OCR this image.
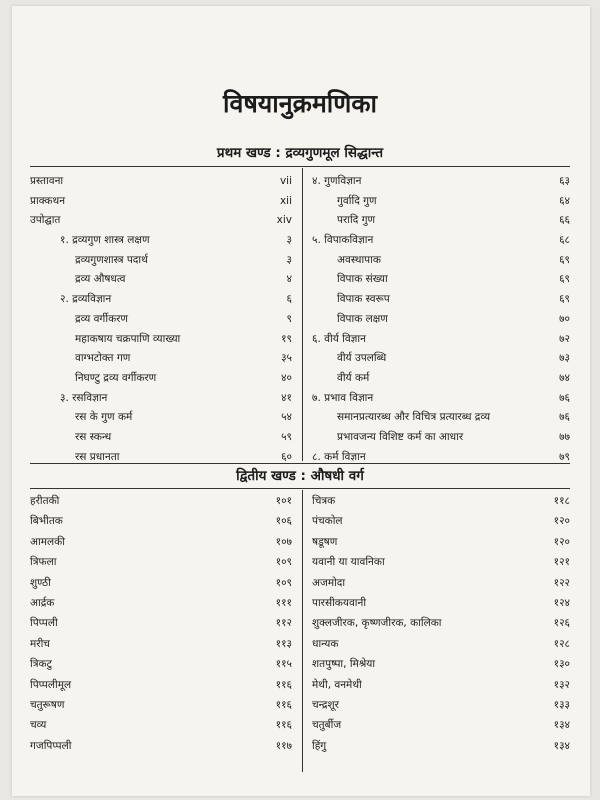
विषयानुक्रमणिका
प्रथम खण्ड : द्रव्यगुणमूल सिद्धान्त
प्रस्तावना	vii
प्राक्कथन	xii
उपोद्घात	xiv
१. द्रव्यगुण शास्त्र लक्षण	३
द्रव्यगुणशास्त्र पदार्थ	३
द्रव्य औषधत्व	४
२. द्रव्यविज्ञान	६
द्रव्य वर्गीकरण	९
महाकषाय चक्रपाणि व्याख्या	१९
वाग्भटोक्त गण	३५
निघण्टु द्रव्य वर्गीकरण	४०
३. रसविज्ञान	४१
रस के गुण कर्म	५४
रस स्कन्ध	५९
रस प्रधानता	६०
४. गुणविज्ञान	६३
गुर्वादि गुण	६४
परादि गुण	६६
५. विपाकविज्ञान	६८
अवस्थापाक	६९
विपाक संख्या	६९
विपाक स्वरूप	६९
विपाक लक्षण	७०
६. वीर्य विज्ञान	७२
वीर्य उपलब्धि	७३
वीर्य कर्म	७४
७. प्रभाव विज्ञान	७६
समानप्रत्यारब्ध और विचित्र प्रत्यारब्ध द्रव्य	७६
प्रभावजन्य विशिष्ट कर्म का आधार	७७
८. कर्म विज्ञान	७९
द्वितीय खण्ड : औषधी वर्ग
हरीतकी	१०१
बिभीतक	१०६
आमलकी	१०७
त्रिफला	१०९
शुण्ठी	१०९
आर्द्रक	१११
पिप्पली	११२
मरीच	११३
त्रिकटु	११५
पिप्पलीमूल	११६
चतुरूषण	११६
चव्य	११६
गजपिप्पली	११७
चित्रक	११८
पंचकोल	१२०
षडूषण	१२०
यवानी या यावनिका	१२१
अजमोदा	१२२
पारसीकयवानी	१२४
शुक्लजीरक, कृष्णजीरक, कालिका	१२६
धान्यक	१२८
शतपुष्पा, मिश्रेया	१३०
मेथी, वनमेथी	१३२
चन्द्रशूर	१३३
चतुर्बीज	१३४
हिंगु	१३४
